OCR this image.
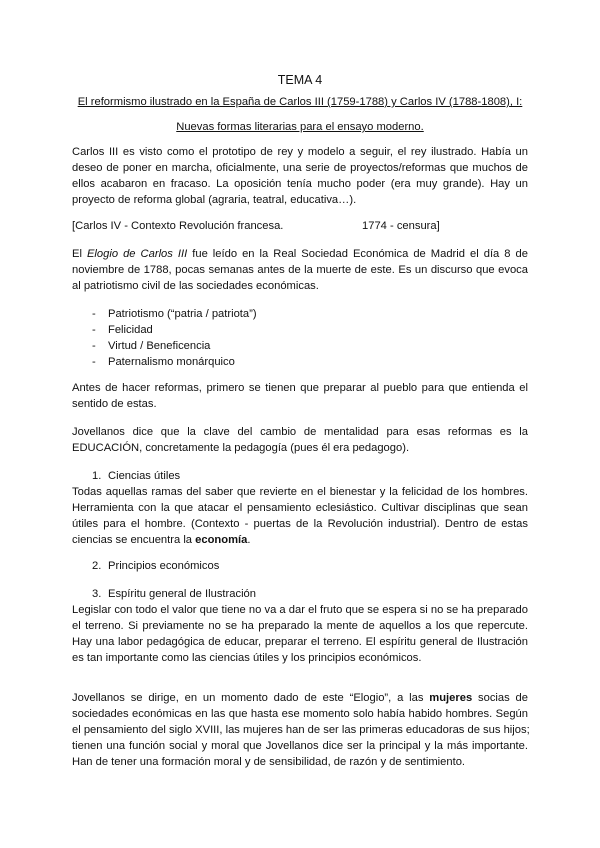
TEMA 4
El reformismo ilustrado en la España de Carlos III (1759-1788) y Carlos IV (1788-1808), I:
Nuevas formas literarias para el ensayo moderno.
Carlos III es visto como el prototipo de rey y modelo a seguir, el rey ilustrado. Había un
deseo de poner en marcha, oficialmente, una serie de proyectos/reformas que muchos de
ellos acabaron en fracaso. La oposición tenía mucho poder (era muy grande). Hay un
proyecto de reforma global (agraria, teatral, educativa…).
[Carlos IV - Contexto Revolución francesa.	1774 - censura]
El Elogio de Carlos III fue leído en la Real Sociedad Económica de Madrid el día 8 de
noviembre de 1788, pocas semanas antes de la muerte de este. Es un discurso que evoca
al patriotismo civil de las sociedades económicas.
- Patriotismo (“patria / patriota”)
- Felicidad
- Virtud / Beneficencia
- Paternalismo monárquico
Antes de hacer reformas, primero se tienen que preparar al pueblo para que entienda el
sentido de estas.
Jovellanos dice que la clave del cambio de mentalidad para esas reformas es la
EDUCACIÓN, concretamente la pedagogía (pues él era pedagogo).
1. Ciencias útiles
Todas aquellas ramas del saber que revierte en el bienestar y la felicidad de los hombres.
Herramienta con la que atacar el pensamiento eclesiástico. Cultivar disciplinas que sean
útiles para el hombre. (Contexto - puertas de la Revolución industrial). Dentro de estas
ciencias se encuentra la economía.
2. Principios económicos
3. Espíritu general de Ilustración
Legislar con todo el valor que tiene no va a dar el fruto que se espera si no se ha preparado
el terreno. Si previamente no se ha preparado la mente de aquellos a los que repercute.
Hay una labor pedagógica de educar, preparar el terreno. El espíritu general de Ilustración
es tan importante como las ciencias útiles y los principios económicos.
Jovellanos se dirige, en un momento dado de este “Elogio”, a las mujeres socias de
sociedades económicas en las que hasta ese momento solo había habido hombres. Según
el pensamiento del siglo XVIII, las mujeres han de ser las primeras educadoras de sus hijos;
tienen una función social y moral que Jovellanos dice ser la principal y la más importante.
Han de tener una formación moral y de sensibilidad, de razón y de sentimiento.
